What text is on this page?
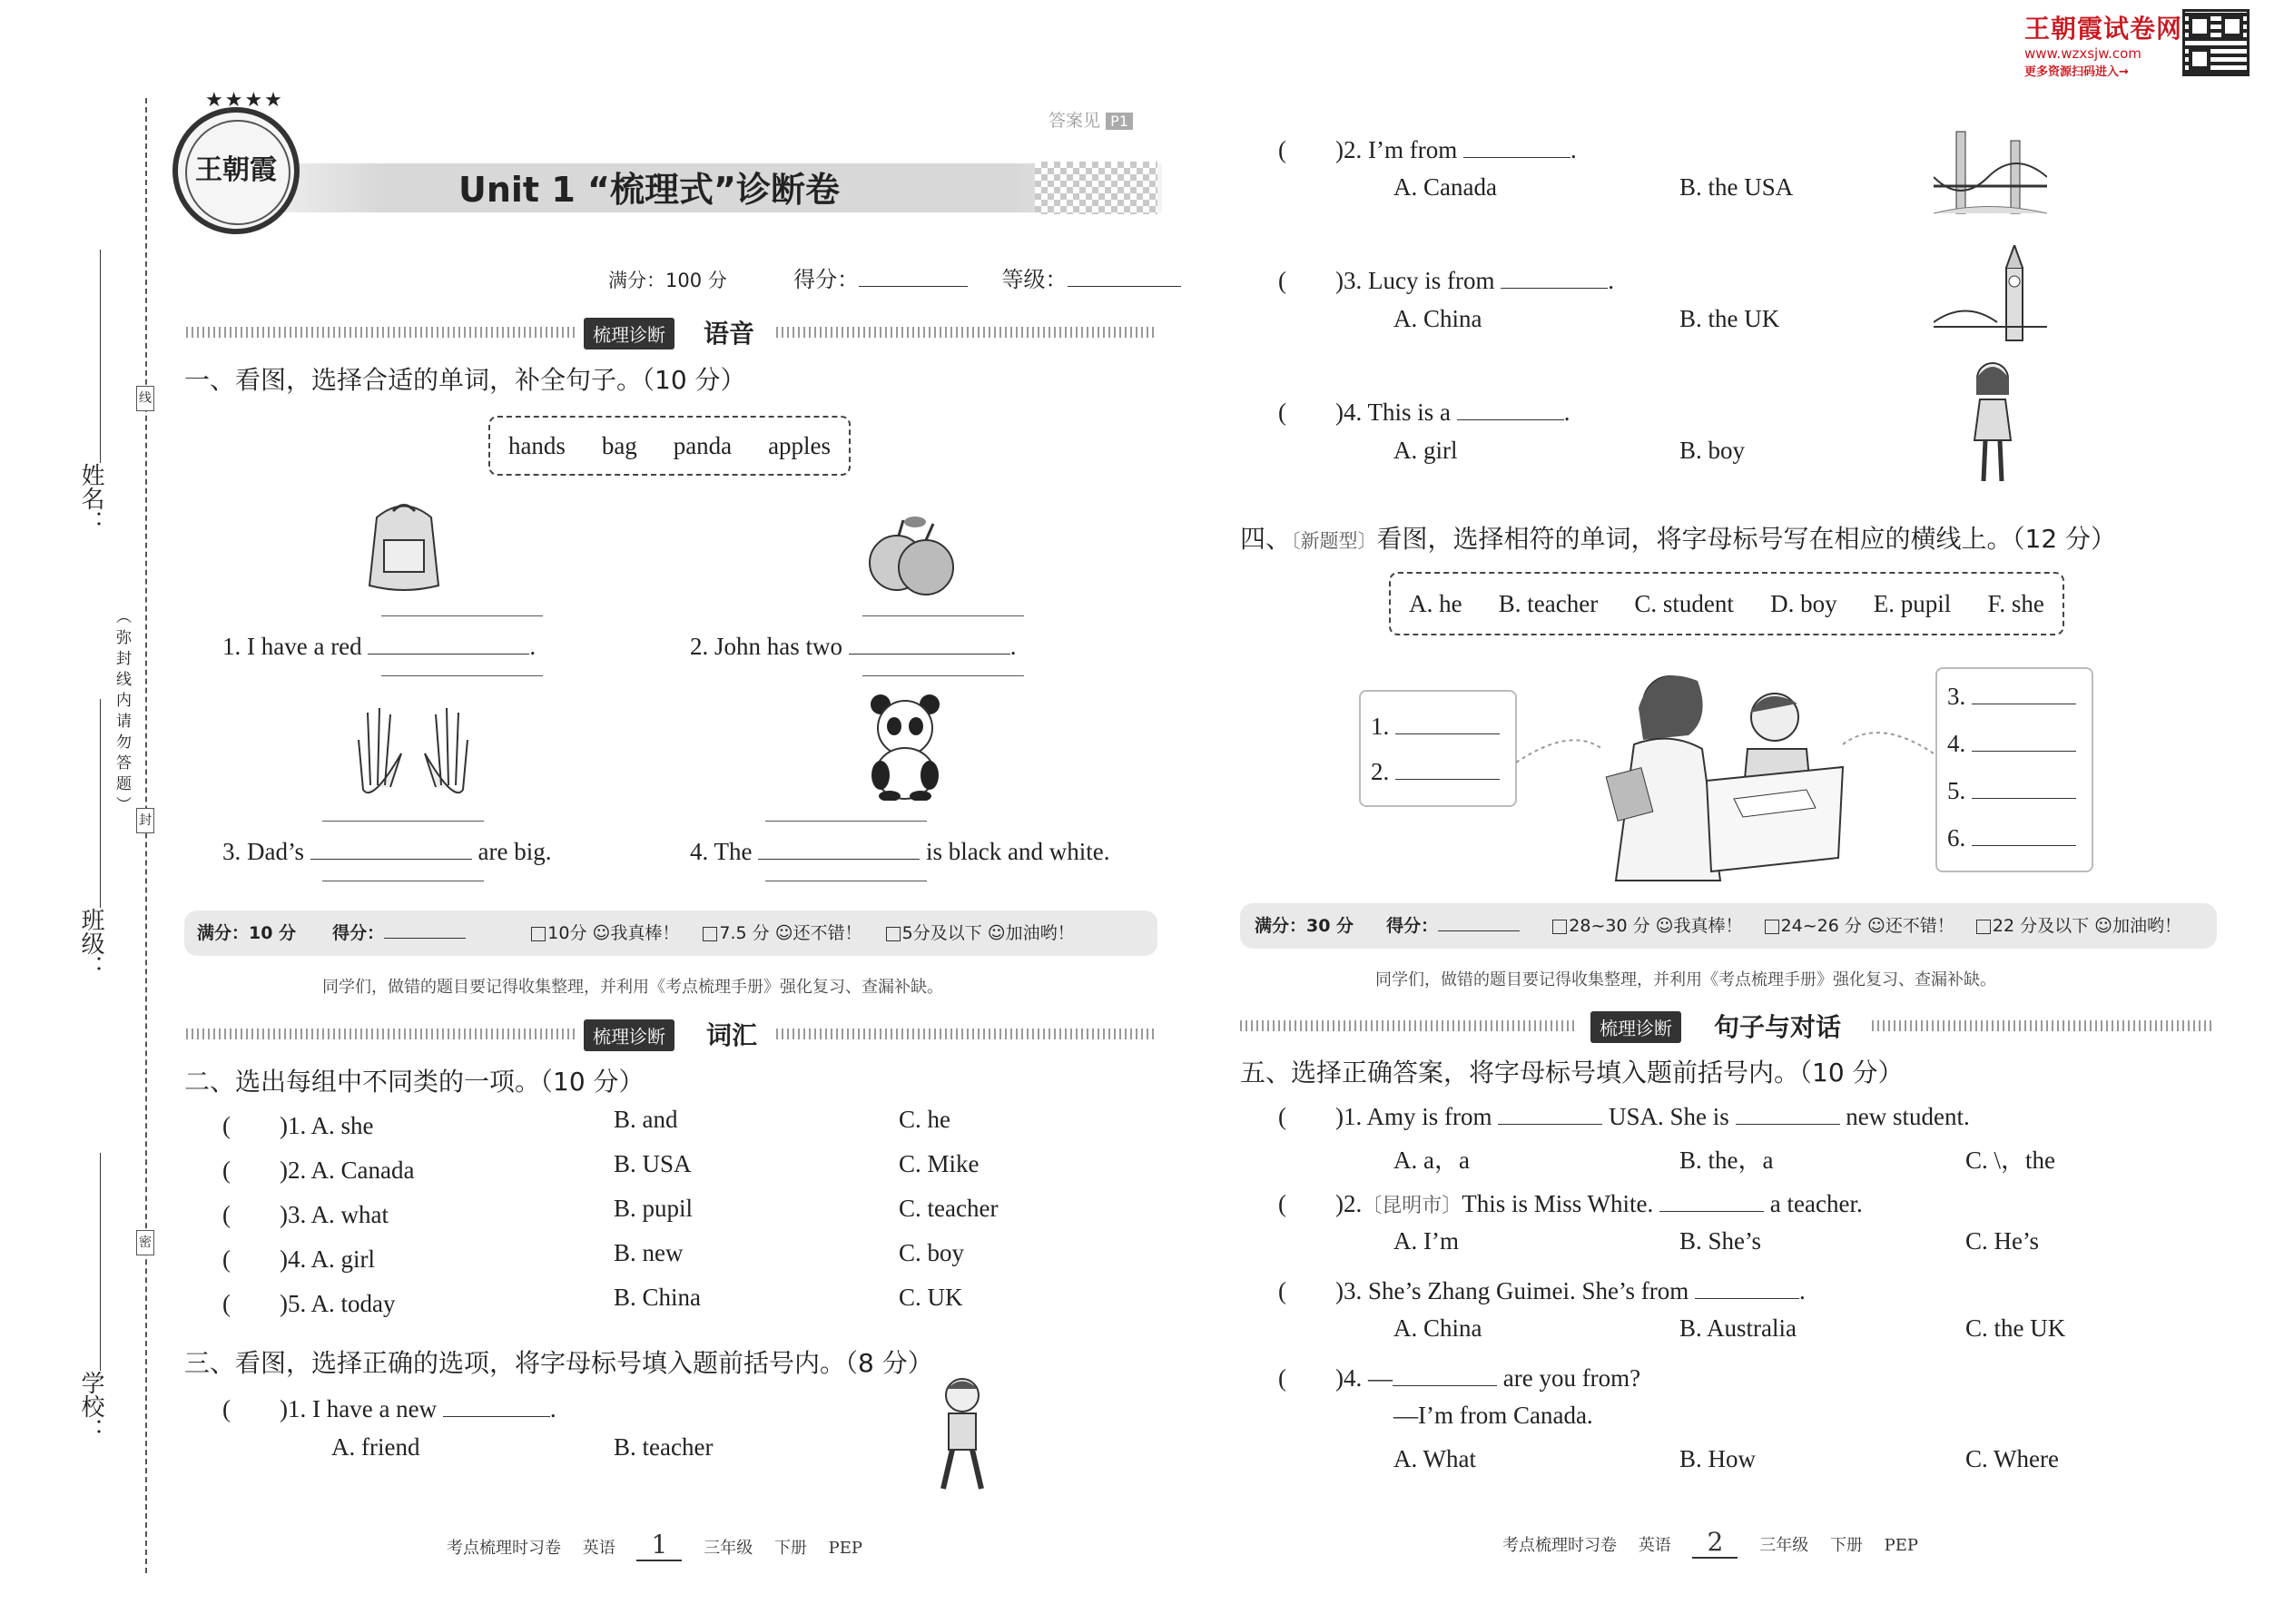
王朝霞试卷网
www.wzxsjw.com
更多资源扫码进入→
姓名：
班级：
学校：
（弥封线内请勿答题）
线
封
密
王朝霞
★★★★
答案见 P1
Unit 1 “梳理式”诊断卷
满分：100 分	得分：	等级：
梳理诊断	语音
一、看图，选择合适的单词，补全句子。（10 分）
hands bag panda apples
1. I have a red	.	2. John has two	.
3. Dad’s	are big.	4. The	is black and white.
满分：10 分 得分：	10分 ☺我真棒！ 7.5 分 ☺还不错！ 5分及以下 ☺加油哟！
同学们，做错的题目要记得收集整理，并利用《考点梳理手册》强化复习、查漏补缺。
梳理诊断	词汇
二、选出每组中不同类的一项。（10 分）
(　　)1. A. she	B. and	C. he
(　　)2. A. Canada	B. USA	C. Mike
(　　)3. A. what	B. pupil	C. teacher
(　　)4. A. girl	B. new	C. boy
(　　)5. A. today	B. China	C. UK
三、看图，选择正确的选项，将字母标号填入题前括号内。（8 分）
(　　)1. I have a new	.
A. friend	B. teacher
考点梳理时习卷　 英语　 1　 三年级　 下册　 PEP
(　　)2. I’m from	.
A. Canada	B. the USA
(　　)3. Lucy is from	.
A. China	B. the UK
(　　)4. This is a	.
A. girl	B. boy
四、〔新题型〕看图，选择相符的单词，将字母标号写在相应的横线上。（12 分）
A. he B. teacher C. student D. boy E. pupil F. she
1.
2.
3.
4.
5.
6.
满分：30 分 得分：	28~30 分 ☺我真棒！ 24~26 分 ☺还不错！ 22 分及以下 ☺加油哟！
同学们，做错的题目要记得收集整理，并利用《考点梳理手册》强化复习、查漏补缺。
梳理诊断	句子与对话
五、选择正确答案，将字母标号填入题前括号内。（10 分）
(　　)1. Amy is from	USA. She is	new student.
A. a，a	B. the，a	C. \，the
(　　)2.〔昆明市〕This is Miss White.	a teacher.
A. I’m	B. She’s	C. He’s
(　　)3. She’s Zhang Guimei. She’s from	.
A. China	B. Australia	C. the UK
(　　)4. —	are you from?
—I’m from Canada.
A. What	B. How	C. Where
考点梳理时习卷　 英语　 2　 三年级　 下册　 PEP
